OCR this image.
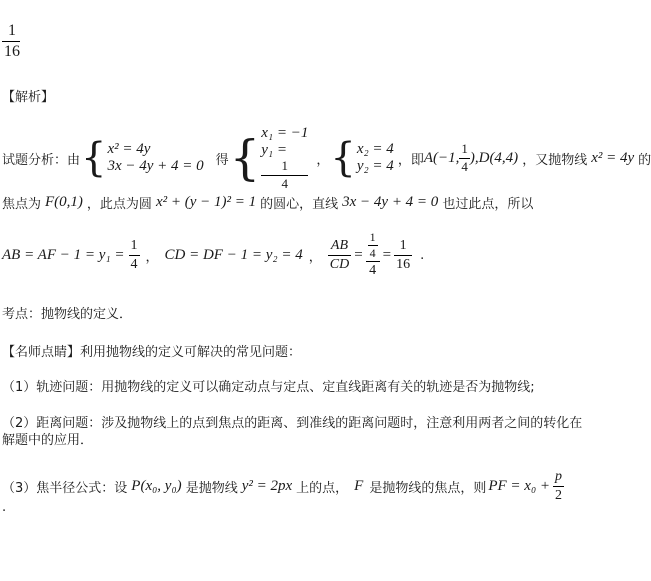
$\frac{1}{16}$
【解析】
试题分析：由 { x² = 4y
3x − 4y + 4 = 0 得 { x₁ = −1
y₁ =
1
4
， { x₂ = 4
y₂ = 4 ，即 A(−1, $\frac{1}{4}$ ), D(4,4) ，又抛物线 x² = 4y 的
焦点为 F(0,1) ，此点为圆 x² + (y − 1)² = 1 的圆心，直线 3x − 4y + 4 = 0 也过此点，所以
AB = AF − $1 = y_1 = \frac{1}{4}$ ， CD = DF − 1 = y₂ = 4 ， $\frac{AB}{CD} = \frac{\frac{1}{4}}{4} = \frac{1}{16}$ .
考点：抛物线的定义．
【名师点睛】利用抛物线的定义可解决的常见问题：
（1）轨迹问题：用抛物线的定义可以确定动点与定点、定直线距离有关的轨迹是否为抛物线;
（2）距离问题：涉及抛物线上的点到焦点的距离、到准线的距离问题时，注意利用两者之间的转化在
解题中的应用．
（3）焦半径公式：设 P(x₀, y₀) 是抛物线 y² = 2px 上的点， F 是抛物线的焦点，则 PF = $x_0 + \frac{p}{2}$
.
